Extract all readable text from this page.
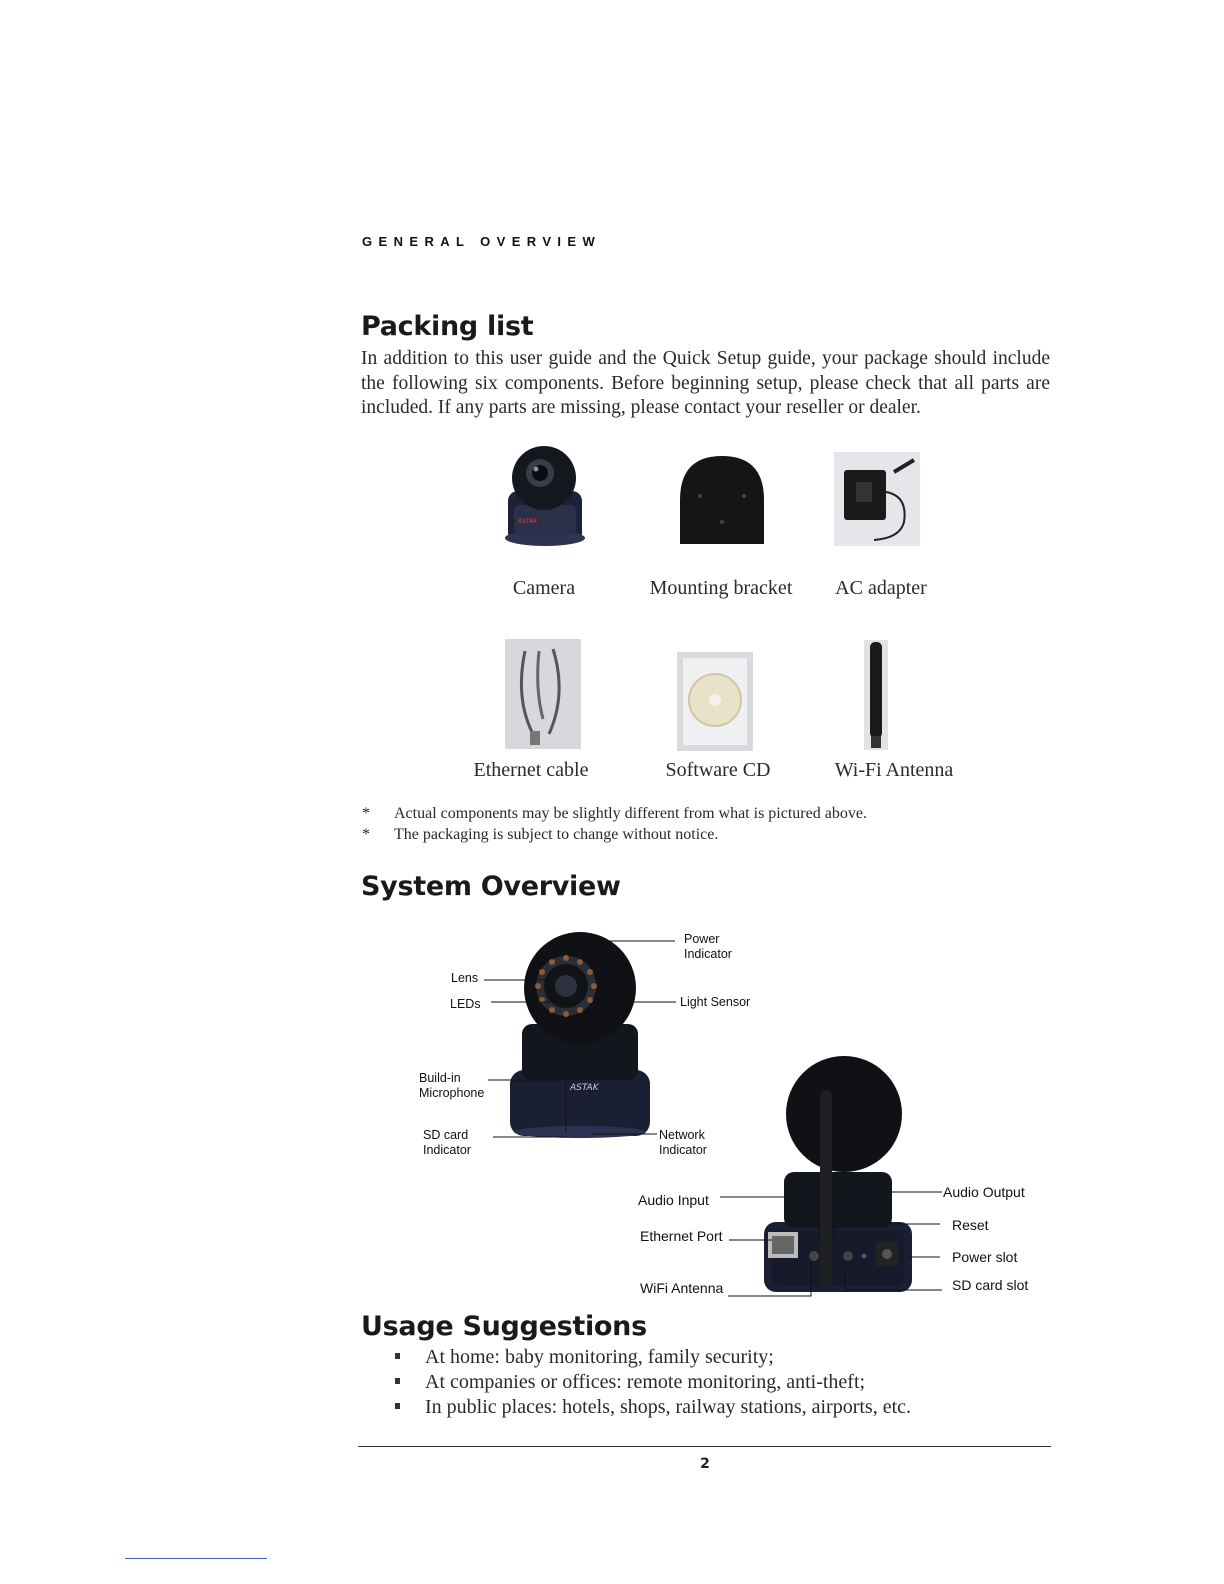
GENERAL OVERVIEW
Packing list
In addition to this user guide and the Quick Setup guide, your package should include the following six components. Before beginning setup, please check that all parts are included. If any parts are missing, please contact your reseller or dealer.
ASTAK
Camera	Mounting bracket	AC adapter
Ethernet cable	Software CD	Wi-Fi Antenna
* Actual components may be slightly different from what is pictured above.
* The packaging is subject to change without notice.
System Overview
ASTAK
Power
Indicator
Lens
LEDs	Light Sensor
Build-in
Microphone
SD card
Indicator
Network
Indicator
Audio Input
Ethernet Port
WiFi Antenna
Audio Output
Reset
Power slot
SD card slot
Usage Suggestions
At home: baby monitoring, family security;
At companies or offices: remote monitoring, anti-theft;
In public places: hotels, shops, railway stations, airports, etc.
2
